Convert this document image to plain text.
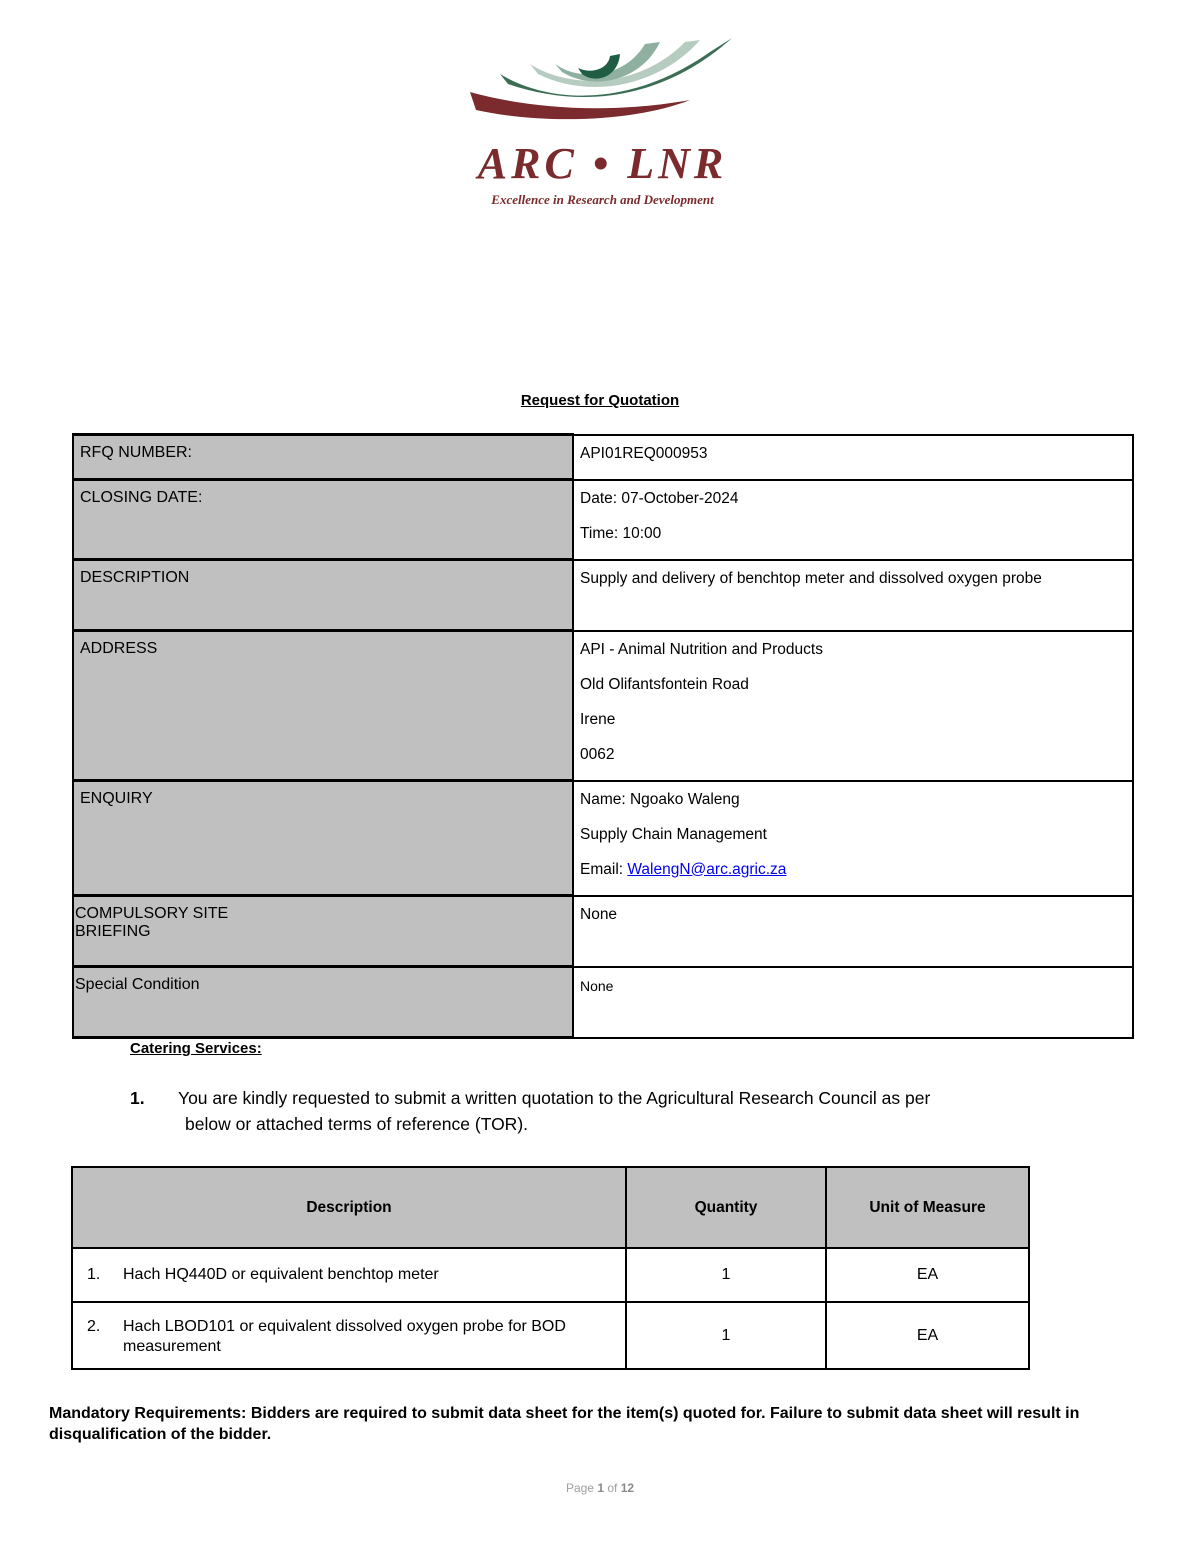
ARC • LNR
Excellence in Research and Development
Request for Quotation
RFQ NUMBER:	API01REQ000953

CLOSING DATE:	Date: 07-October-2024
Time: 10:00

DESCRIPTION	Supply and delivery of benchtop meter and dissolved oxygen probe

ADDRESS	API - Animal Nutrition and Products
Old Olifantsfontein Road
Irene
0062

ENQUIRY	Name: Ngoako Waleng
Supply Chain Management
Email: WalengN@arc.agric.za

COMPULSORY SITE BRIEFING	None

Special Condition	None
Catering Services:
1. You are kindly requested to submit a written quotation to the Agricultural Research Council as per
below or attached terms of reference (TOR).
Description	Quantity	Unit of Measure
1. Hach HQ440D or equivalent benchtop meter	1	EA
2. Hach LBOD101 or equivalent dissolved oxygen probe for BOD
measurement	1	EA
Mandatory Requirements: Bidders are required to submit data sheet for the item(s) quoted for. Failure to submit data sheet will result in disqualification of the bidder.
Page 1 of 12
